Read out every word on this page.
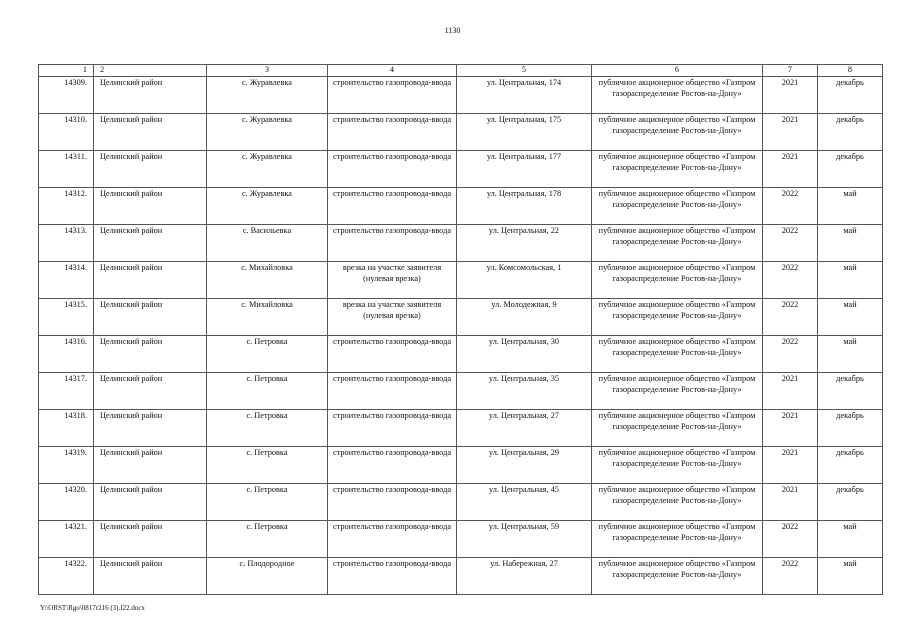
1130
1	2	3	4	5	6	7	8
14309.	Целинский район	с. Журавлевка	строительство газопровода-ввода	ул. Центральная, 174	публичное акционерное общество «Газпром газораспределение Ростов-на-Дону»	2021	декабрь
14310.	Целинский район	с. Журавлевка	строительство газопровода-ввода	ул. Центральная, 175	публичное акционерное общество «Газпром газораспределение Ростов-на-Дону»	2021	декабрь
14311.	Целинский район	с. Журавлевка	строительство газопровода-ввода	ул. Центральная, 177	публичное акционерное общество «Газпром газораспределение Ростов-на-Дону»	2021	декабрь
14312.	Целинский район	с. Журавлевка	строительство газопровода-ввода	ул. Центральная, 178	публичное акционерное общество «Газпром газораспределение Ростов-на-Дону»	2022	май
14313.	Целинский район	с. Васильевка	строительство газопровода-ввода	ул. Центральная, 22	публичное акционерное общество «Газпром газораспределение Ростов-на-Дону»	2022	май
14314.	Целинский район	с. Михайловка	врезка на участке заявителя (нулевая врезка)	ул. Комсомольская, 1	публичное акционерное общество «Газпром газораспределение Ростов-на-Дону»	2022	май
14315.	Целинский район	с. Михайловка	врезка на участке заявителя (нулевая врезка)	ул. Молодежная, 9	публичное акционерное общество «Газпром газораспределение Ростов-на-Дону»	2022	май
14316.	Целинский район	с. Петровка	строительство газопровода-ввода	ул. Центральная, 30	публичное акционерное общество «Газпром газораспределение Ростов-на-Дону»	2022	май
14317.	Целинский район	с. Петровка	строительство газопровода-ввода	ул. Центральная, 35	публичное акционерное общество «Газпром газораспределение Ростов-на-Дону»	2021	декабрь
14318.	Целинский район	с. Петровка	строительство газопровода-ввода	ул. Центральная, 27	публичное акционерное общество «Газпром газораспределение Ростов-на-Дону»	2021	декабрь
14319.	Целинский район	с. Петровка	строительство газопровода-ввода	ул. Центральная, 29	публичное акционерное общество «Газпром газораспределение Ростов-на-Дону»	2021	декабрь
14320.	Целинский район	с. Петровка	строительство газопровода-ввода	ул. Центральная, 45	публичное акционерное общество «Газпром газораспределение Ростов-на-Дону»	2021	декабрь
14321.	Целинский район	с. Петровка	строительство газопровода-ввода	ул. Центральная, 59	публичное акционерное общество «Газпром газораспределение Ростов-на-Дону»	2022	май
14322.	Целинский район	с. Плодородное	строительство газопровода-ввода	ул. Набережная, 27	публичное акционерное общество «Газпром газораспределение Ростов-на-Дону»	2022	май
Y:\ORST\Rgo\0817r216 (3).f22.docx
